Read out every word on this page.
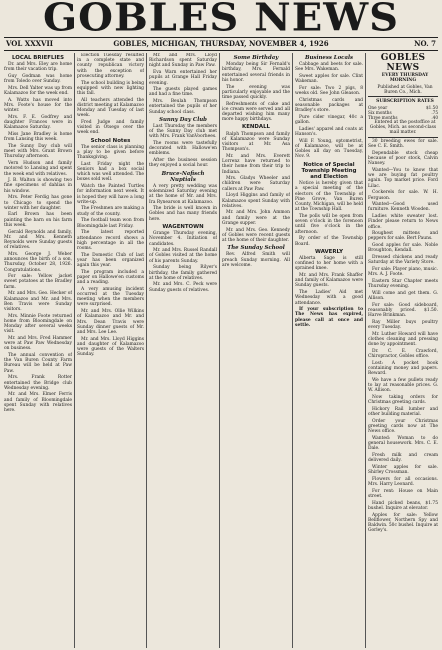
GOBLES NEWS
VOL XXXVII	GOBLES, MICHIGAN, THURSDAY, NOVEMBER 4, 1926	NO. 7
LOCAL BRIEFLIES

Dr. and Mrs. Eley are home from their vacation trip.

Guy Godman was home from Toledo over Sunday.

Mrs. Dell Yalter was up from Kalamazoo for the week end.

A. Watts has moved into Mrs. Foote's house for the winter.

Mrs. F. E. Godfrey and daughter Frances were in Kalamazoo Saturday.

Miss Jane Bradley is home from Lansing this week.

The Sunny Day club will meet with Mrs. Grant Brown Thursday afternoon.

Vern Hudson and family motored to Lansing and spent the week end with relatives.

J. B. Walton is showing two fine specimens of dahlias in his window.

Mrs. Peter Ferdig has gone to Chicago to spend the winter with her daughter.

Earl Brown has been painting the barn on his farm this week.

Gerald Reynolds and family, Mr. and Mrs. Kenneth Reynolds were Sunday guests of relatives.

Mrs. George J. Weber announces the birth of a son, Thursday, October 28, 1926. Congratulations.

For sale: Yellow jacket sweet potatoes at the Bradley farm.

Mr. and Mrs. Geo. Hecker of Kalamazoo and Mr. and Mrs. Ben Travis were Sunday visitors.

Mrs. Minnie Foote returned home from Bloomingdale on Monday after several weeks visit.

Mr. and Mrs. Fred Hammer were at Paw Paw Wednesday on business.

The annual convention of the Van Buren County Farm Bureau will be held at Paw Paw.

Mrs. Frank Rotter entertained the Bridge club Wednesday evening.

Mr. and Mrs. Elmer Ferris and family of Bloomingdale spent Sunday with relatives here.

Election Tuesday resulted in a complete state and county republican victory with the exception of prosecuting attorney.

The school building is being equipped with new lighting this fall.

All teachers attended the district meeting at Kalamazoo Monday and Tuesday of last week.

Fred Judge and family visited in Otsego over the week end.

School Notes

The senior class is planning a play to be given before Thanksgiving.

Last Friday night the Seniors had a box social which was well attended. The boxes sold well.

Watch the Painted Turtles for information next week. It is hoped they will have a long write-up.

The Freshmen are making a study of the county.

The football team won from Bloomingdale last Friday.

The latest reported attendance record shows a high percentage in all the rooms.

The Domestic Club of last year has been organized again this year.

The program included a paper on Hallowe'en customs and a reading.

A very amusing incident occurred at the Tuesday meeting when the members were surprised.

Mr. and Mrs. Ollie Wilkins of Kalamazoo and Mr. and Mrs. Dean Travis were Sunday dinner guests of Mr. and Mrs. Lee Lee.

Mr. and Mrs. Lloyd Higgins and daughter of Kalamazoo were guests of the Walters Sunday.

Mr. and Mrs. Lloyd Richardson spent Saturday night and Sunday in Paw Paw.

Eva Warn entertained her pupils at Grange Hall Friday evening.

The guests played games and had a fine time.

Mrs. Beulah Thompson entertained the pupils of her Sunday school class.

Sunny Day Club

Last Thursday the members of the Sunny Day club met with Mrs. Frank VanVoorhees.

The rooms were tastefully decorated with Hallowe'en emblems.

After the business session they enjoyed a social hour.

Bruce-Nafisch Nuptials

A very pretty wedding was solemnized Saturday evening at the home of Mr. and Mrs. Ira Rynearson at Kalamazoo.

The bride is well known in Gobles and has many friends here.

WAGENTOWN

Grange Thursday evening, November 4. Initiation of candidates.

Mr. and Mrs. Russel Randall of Gobles visited at the home of his parents Sunday.

Sunday being Rilyer's birthday, the family gathered at the home of relatives.

Mr. and Mrs. C. Peck were Sunday guests of relatives.

Some Birthday

Monday being Sir Fernald's birthday, Mrs. Fernald entertained several friends in his honor.

The evening was particularly enjoyable and the time passed quickly.

Refreshments of cake and ice cream were served and all departed wishing him many more happy birthdays.

KENDALL

Ralph Thompson and family of Kalamazoo were Sunday visitors at Mr. Asa Thompson's.

Mr. and Mrs. Everett Lorrenz have returned to their home from their trip to Indiana.

Mrs. Gladys Wheeler and children were Saturday callers at Paw Paw.

Lloyd Higgins and family of Kalamazoo spent Sunday with relatives.

Mr. and Mrs. John Ammon and family were at the Grange supper.

Mr. and Mrs. Geo. Kennedy of Gobles were recent guests at the home of their daughter.

The Sunday School

Rev. Alfred Smith will preach Sunday morning. All are welcome.

Business Locals

Cabbage and beets for sale. See Mrs. Wakeman.

Sweet apples for sale. Clint Wakeman.

For sale: Two 2 pigs, 8 weeks old. See John Gleason.

Christmas cards and seasonable packages at Bradley's store.

Pure cider vinegar, 40c a gallon.

Ladies' apparel and coats at Hanson's.

Will F. Young, optometrist, of Kalamazoo, will be at Gobles all day on Tuesday, Nov. 9.

Notice of Special Township Meeting and Election

Notice is hereby given that a special meeting of the electors of the Township of Pine Grove, Van Buren County, Michigan, will be held at the Township Hall.

The polls will be open from seven o'clock in the forenoon until five o'clock in the afternoon.

By order of the Township Board.

WAVERLY

Alberta Sage is still confined to her home with a sprained knee.

Mr. and Mrs. Frank Shaffer and family of Kalamazoo were Sunday guests.

The Ladies' Aid met Wednesday with a good attendance.

If your subscription to The News has expired, please call at once and settle.

GOBLES NEWS

EVERY THURSDAY MORNING

Published at Gobles, Van Buren Co., Mich.

SUBSCRIPTION RATES

One year	$1.50
Six months	.75
Three months	.40

Entered at the postoffice at Gobles, Mich. as second-class mail matter.

30 breeding ewes for sale. See C. E. Smith.

Dependable stock cheap because of poor stock, Calvin Nansey.

Wanted—You to know that we are buying fat poultry again. Top market price. Ford Lilac.

Cockerels for sale. W. H. Ferguson.

Wanted—Good used furniture. Kenneth Wooden.

Ladies white sweater lost. Finder please return to News office.

Roughest mittens and peppers for sale. Bert Pauns.

Good apples for sale. Noble Broughton, Kendall.

Dressed chickens and ready Saturday at the Variety Store.

For sale: Player piano, music. Mrs. A. J. Foote.

Eastern Star Chapter meets Thursday evening.

Will come and get them. G. Allison.

For sale: Good sideboard, reasonably priced. $1.50. Harve Brinkman.

Ray Miller buys poultry every Tuesday.

Mr. Luther Howard will have clothes cleaning and pressing done by appointment.

Dr. C. E. Crawford, Chiropractor, Gobles office.

Lost: A pocket book containing money and papers. Reward.

We have a few pullets ready to lay at reasonable prices. G. W. Allison.

Now taking orders for Christmas greeting cards.

Hickory Rail lumber and other building material.

Order your Christmas greeting cards now at The News office.

Wanted: Woman to do general housework. Mrs. C. E. Dale.

Fresh milk and cream delivered daily.

Winter apples for sale. Shirley Crossman.

Flowers for all occasions. Mrs. Harry Leonard.

For rent: House on Main street.

Hand picked beans, $1.75 bushel. Inquire at elevator.

Apples for sale: Yellow Bellflower, Northern Spy and Baldwin. 50c bushel. Inquire at Gorley's.
